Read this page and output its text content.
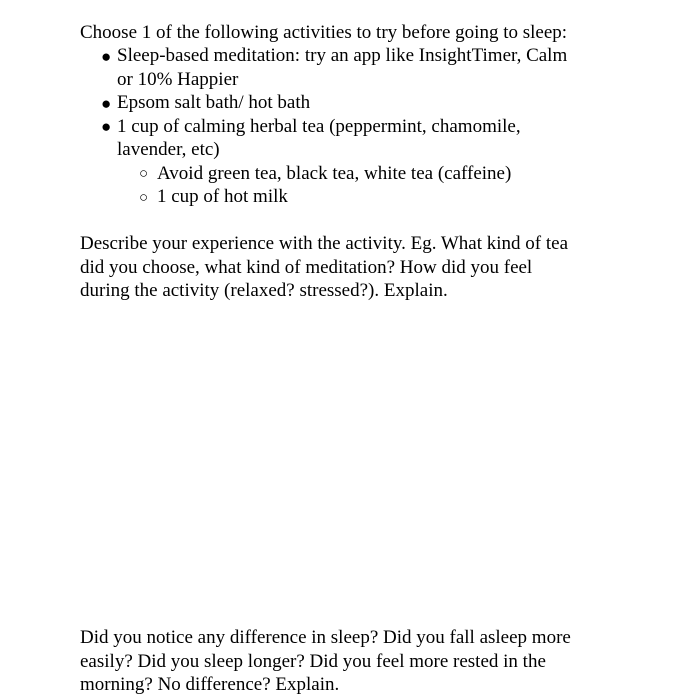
Choose 1 of the following activities to try before going to sleep:
● Sleep-based meditation: try an app like InsightTimer, Calm
or 10% Happier
● Epsom salt bath/ hot bath
● 1 cup of calming herbal tea (peppermint, chamomile,
lavender, etc)
○ Avoid green tea, black tea, white tea (caffeine)
○ 1 cup of hot milk
Describe your experience with the activity. Eg. What kind of tea
did you choose, what kind of meditation? How did you feel
during the activity (relaxed? stressed?). Explain.
Did you notice any difference in sleep? Did you fall asleep more
easily? Did you sleep longer? Did you feel more rested in the
morning? No difference? Explain.
